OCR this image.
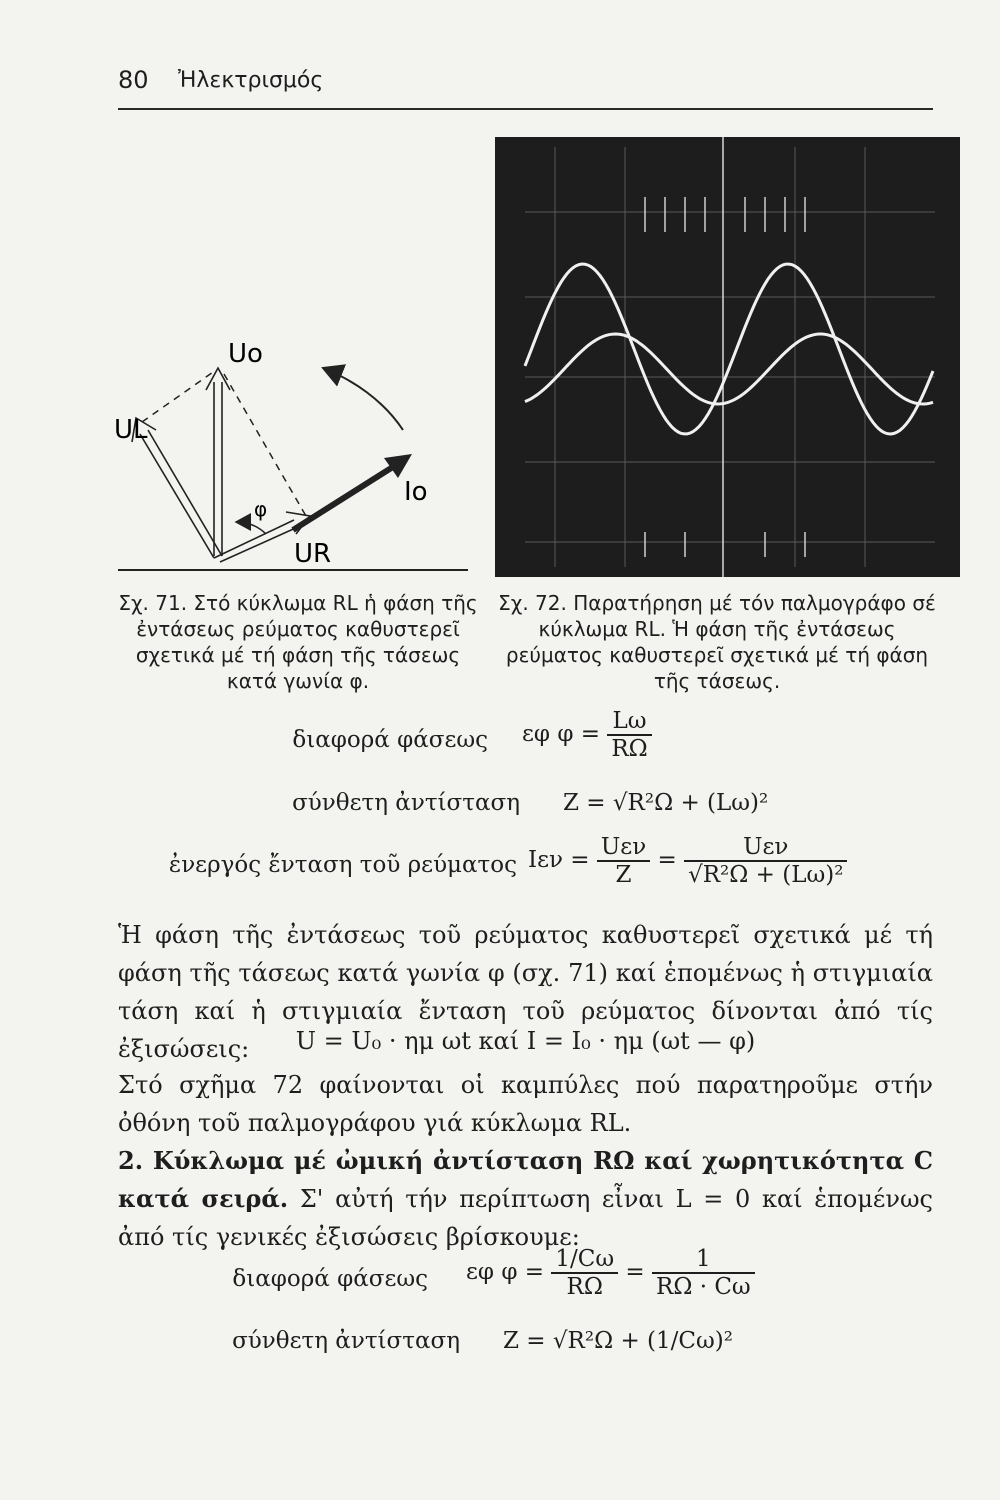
80 Ἠλεκτρισμός
Uo
UL
Io
UR
φ
Σχ. 71. Στό κύκλωμα RL ἡ φάση τῆς ἐντάσεως ρεύματος καθυστερεῖ σχετικά μέ τή φάση τῆς τάσεως κατά γωνία φ.
Σχ. 72. Παρατήρηση μέ τόν παλμογράφο σέ κύκλωμα RL. Ἡ φάση τῆς ἐντάσεως ρεύματος καθυστερεῖ σχετικά μέ τή φάση τῆς τάσεως.
διαφορά φάσεως εφ $\varphi = \frac{L\omega}{R\Omega}$
σύνθετη ἀντίσταση Z = √R²Ω + (Lω)²
ἐνεργός ἔνταση τοῦ ρεύματος $I\varepsilon\nu = \frac{\text{Uεν}}{Z} = \frac{\text{Uεν}}{\text{√R²Ω + (Lω)²}}$
Ἡ φάση τῆς ἐντάσεως τοῦ ρεύματος καθυστερεῖ σχετικά μέ τή φάση τῆς τάσεως κατά γωνία φ (σχ. 71) καί ἑπομένως ἡ στιγμιαία τάση καί ἡ στιγμιαία ἔνταση τοῦ ρεύματος δίνονται ἀπό τίς ἐξισώσεις:	U = U₀ · ημ ωt καί I = I₀ · ημ (ωt — φ)
Στό σχῆμα 72 φαίνονται οἱ καμπύλες πού παρατηροῦμε στήν ὀθόνη τοῦ παλμογράφου γιά κύκλωμα RL.
2. Κύκλωμα μέ ὠμική ἀντίσταση RΩ καί χωρητικότητα C κατά σειρά. Σ' αὐτή τήν περίπτωση εἶναι L = 0 καί ἑπομένως ἀπό τίς γενικές ἐξισώσεις βρίσκουμε:
διαφορά φάσεως εφ $\varphi = \frac{1/C\omega}{R\Omega} = \frac{1}{R\Omega \cdot C\omega}$
σύνθετη ἀντίσταση Z = √R²Ω + (1/Cω)²
